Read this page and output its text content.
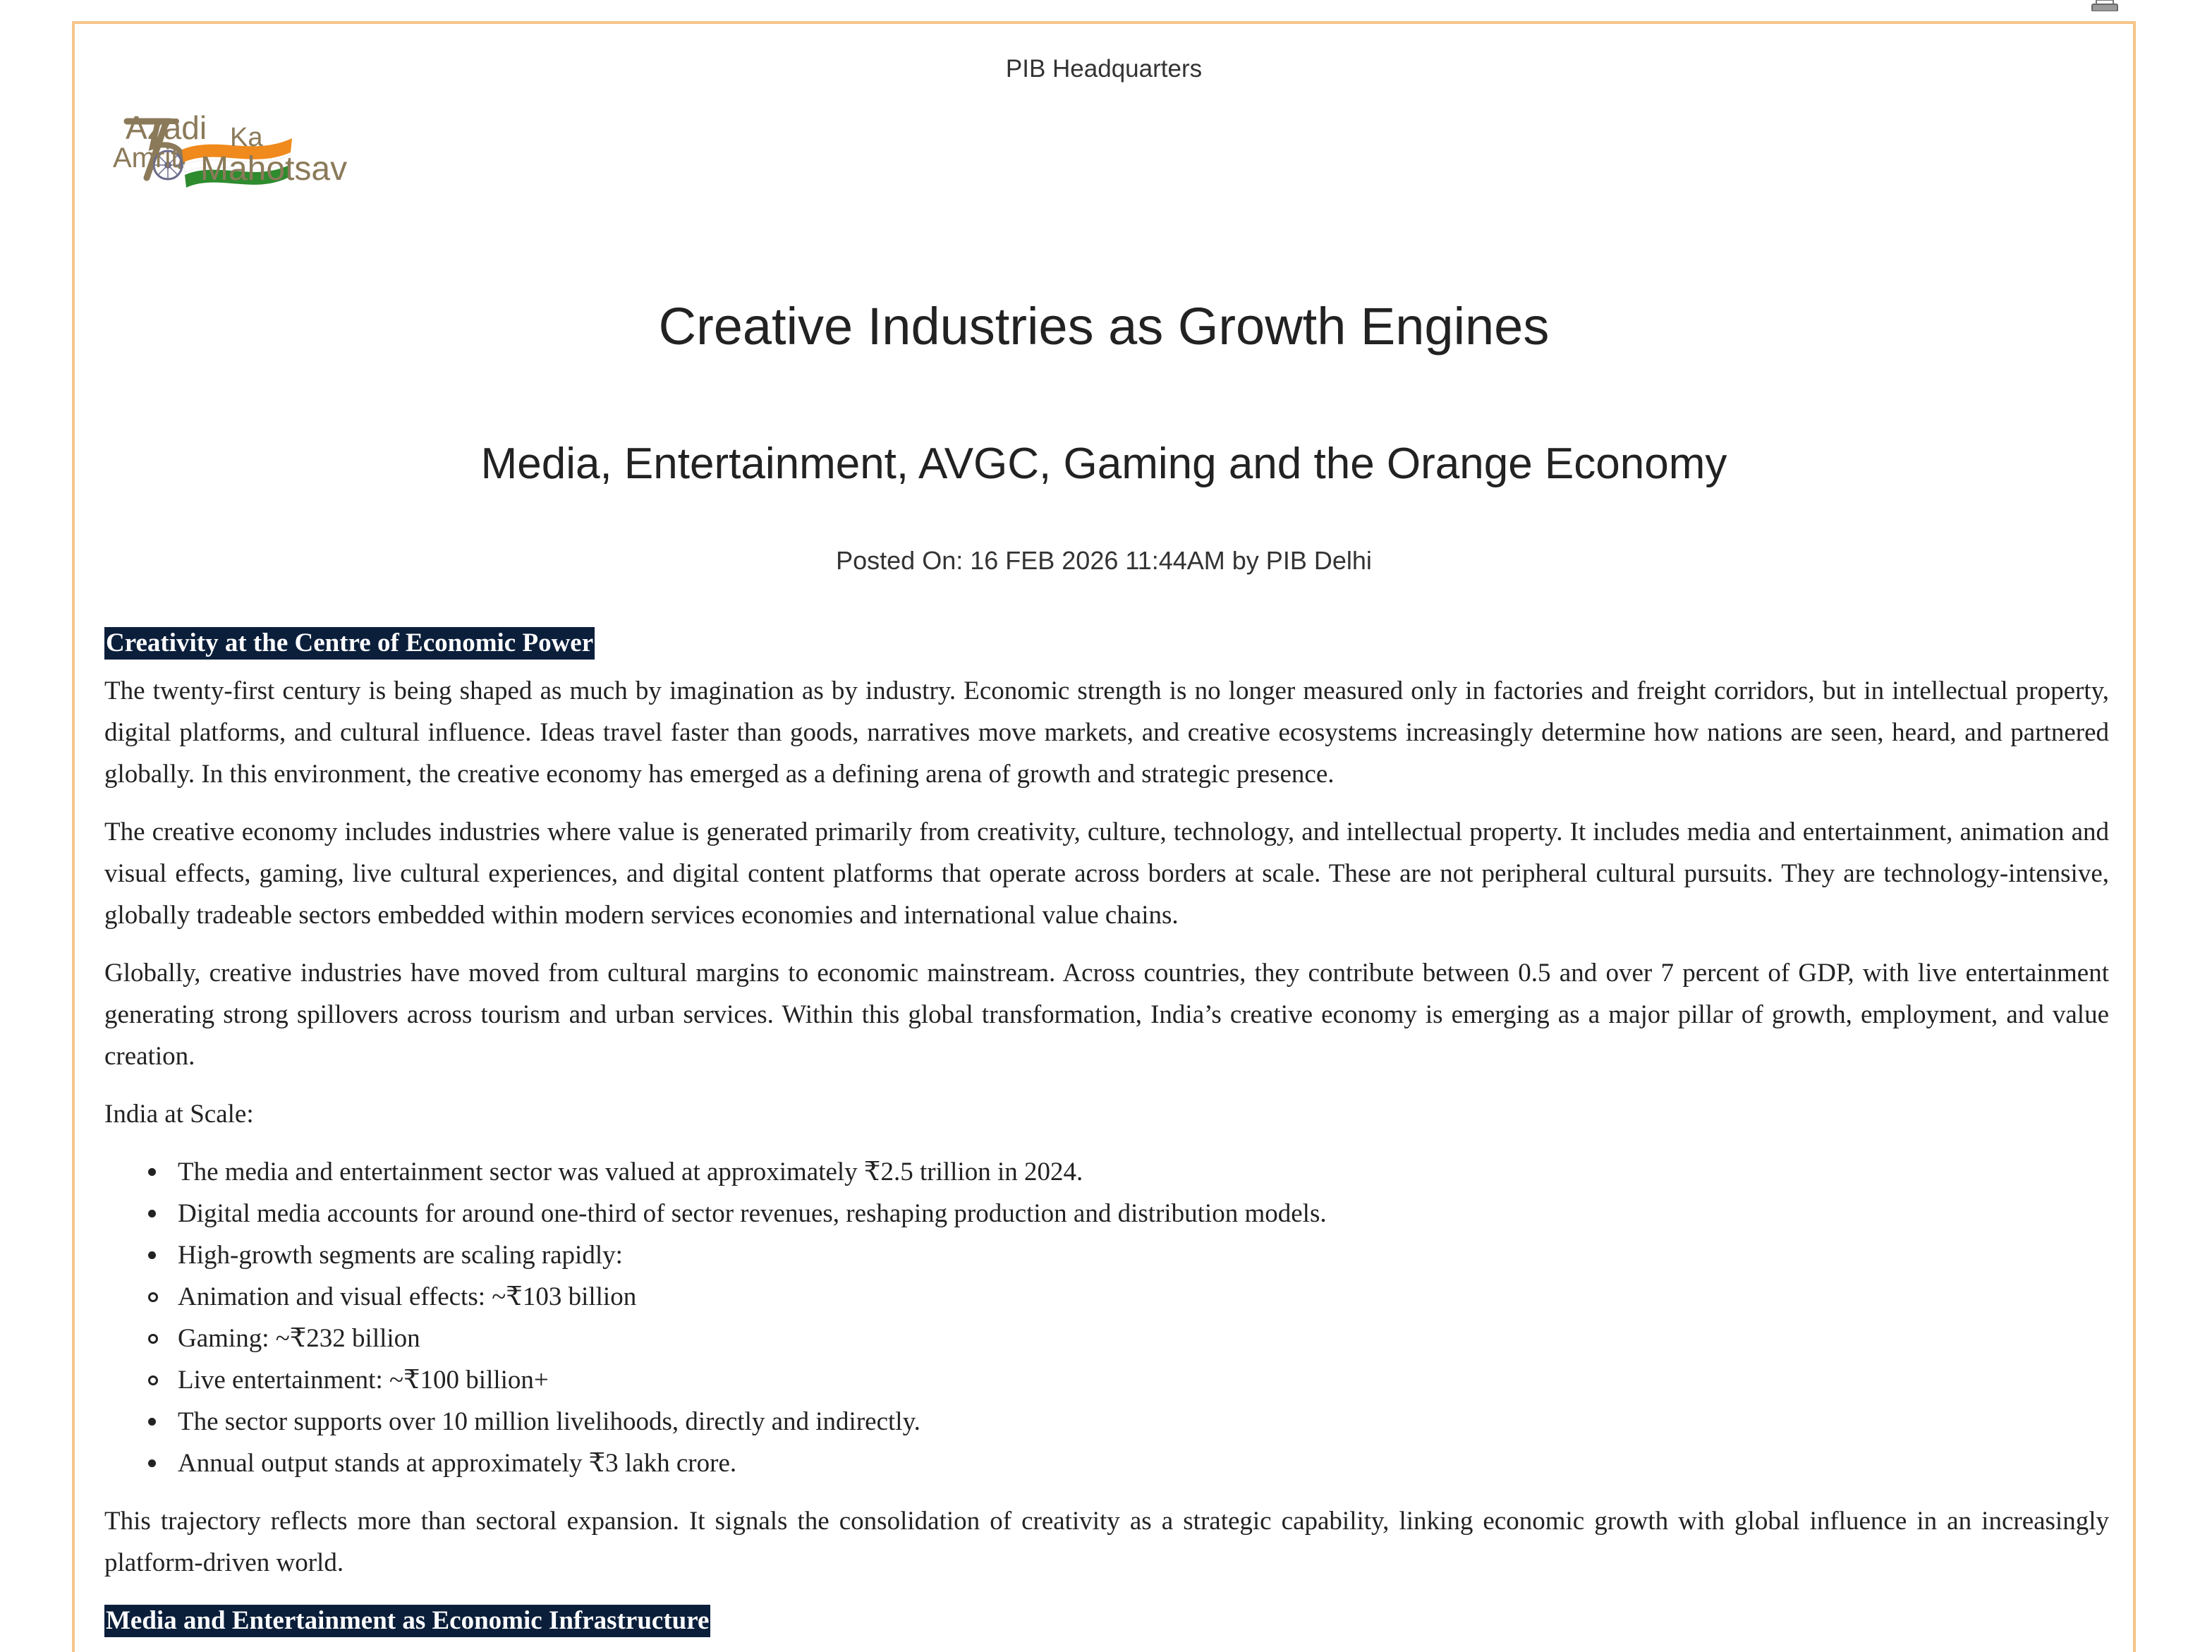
PIB Headquarters
Azadi Ka
Amrit Mahotsav
Creative Industries as Growth Engines
Media, Entertainment, AVGC, Gaming and the Orange Economy
Posted On: 16 FEB 2026 11:44AM by PIB Delhi
Creativity at the Centre of Economic Power

The twenty-first century is being shaped as much by imagination as by industry. Economic strength is no longer measured only in factories and freight corridors, but in intellectual property, digital platforms, and cultural influence. Ideas travel faster than goods, narratives move markets, and creative ecosystems increasingly determine how nations are seen, heard, and partnered globally. In this environment, the creative economy has emerged as a defining arena of growth and strategic presence.

The creative economy includes industries where value is generated primarily from creativity, culture, technology, and intellectual property. It includes media and entertainment, animation and visual effects, gaming, live cultural experiences, and digital content platforms that operate across borders at scale. These are not peripheral cultural pursuits. They are technology-intensive, globally tradeable sectors embedded within modern services economies and international value chains.

Globally, creative industries have moved from cultural margins to economic mainstream. Across countries, they contribute between 0.5 and over 7 percent of GDP, with live entertainment generating strong spillovers across tourism and urban services. Within this global transformation, India’s creative economy is emerging as a major pillar of growth, employment, and value creation.

India at Scale:

The media and entertainment sector was valued at approximately ₹2.5 trillion in 2024.
Digital media accounts for around one-third of sector revenues, reshaping production and distribution models.
High-growth segments are scaling rapidly:
Animation and visual effects: ~₹103 billion
Gaming: ~₹232 billion
Live entertainment: ~₹100 billion+
The sector supports over 10 million livelihoods, directly and indirectly.
Annual output stands at approximately ₹3 lakh crore.

This trajectory reflects more than sectoral expansion. It signals the consolidation of creativity as a strategic capability, linking economic growth with global influence in an increasingly platform-driven world.

Media and Entertainment as Economic Infrastructure
